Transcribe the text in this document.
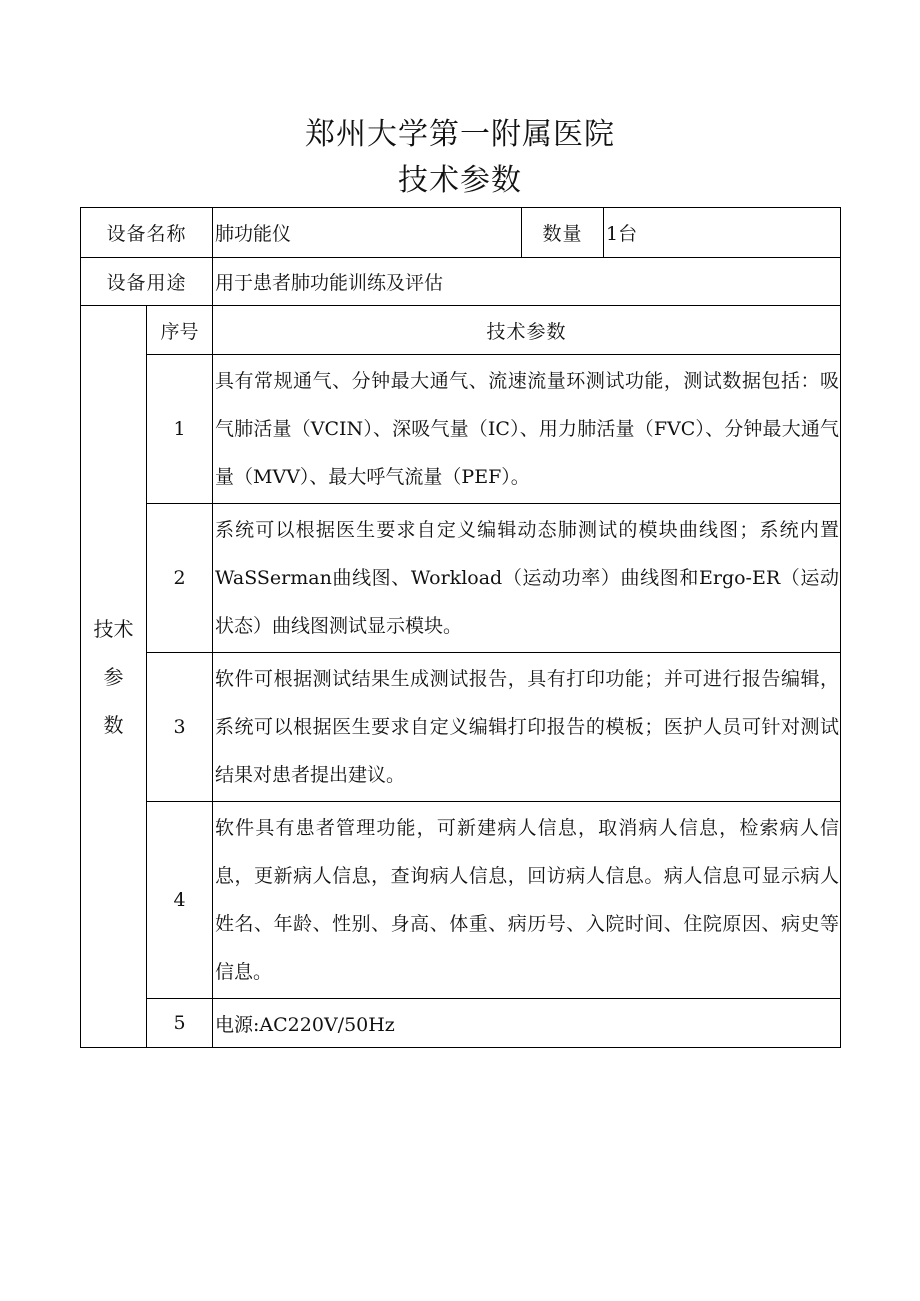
郑州大学第一附属医院
技术参数
设备名称		肺功能仪	数量	1台
设备用途		用于患者肺功能训练及评估		

技术
参
数	序号	技术参数		
	1	具有常规通气、分钟最大通气、流速流量环测试功能，测试数据包括：吸气肺活量（VCIN）、深吸气量（IC）、用力肺活量（FVC）、分钟最大通气量（MVV）、最大呼气流量（PEF）。		

	2	系统可以根据医生要求自定义编辑动态肺测试的模块曲线图；系统内置WaSSerman曲线图、Workload（运动功率）曲线图和Ergo-ER（运动状态）曲线图测试显示模块。		

	3	软件可根据测试结果生成测试报告，具有打印功能；并可进行报告编辑，系统可以根据医生要求自定义编辑打印报告的模板；医护人员可针对测试结果对患者提出建议。		

	4	软件具有患者管理功能，可新建病人信息，取消病人信息，检索病人信息，更新病人信息，查询病人信息，回访病人信息。病人信息可显示病人姓名、年龄、性别、身高、体重、病历号、入院时间、住院原因、病史等信息。		

	5	电源:AC220V/50Hz		
